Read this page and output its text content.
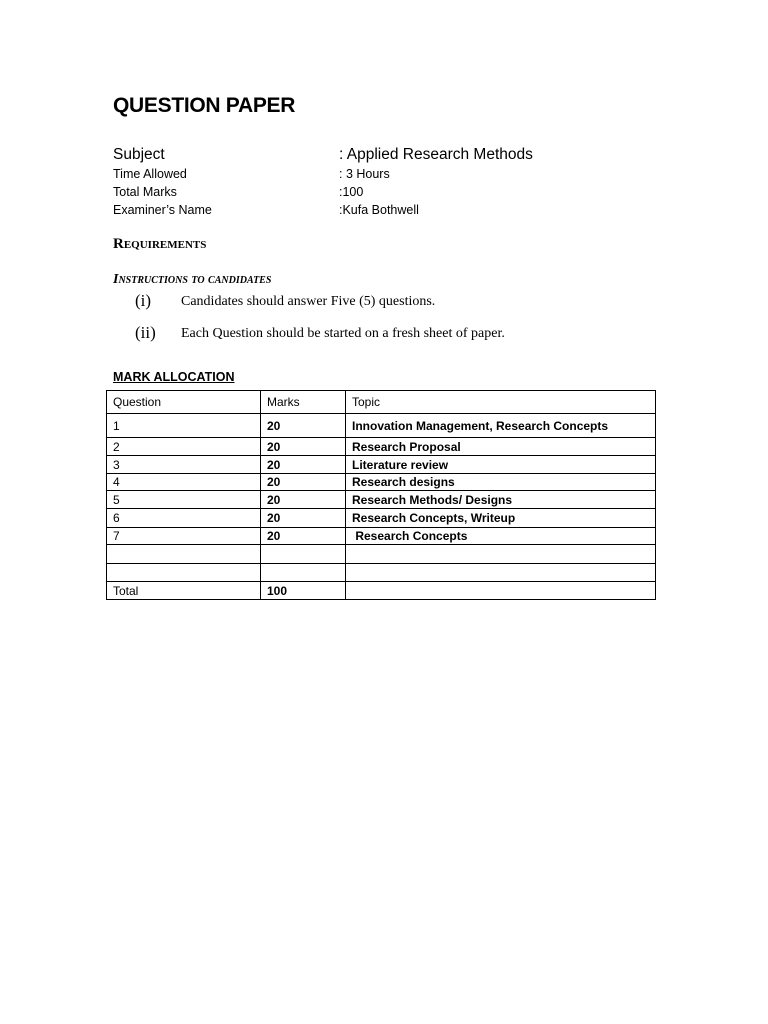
QUESTION PAPER
Subject	: Applied Research Methods
Time Allowed	: 3 Hours
Total Marks	:100
Examiner’s Name	:Kufa Bothwell
Requirements
Instructions to candidates
(i) Candidates should answer Five (5) questions.
(ii) Each Question should be started on a fresh sheet of paper.
MARK ALLOCATION
Question	Marks	Topic
1	20	Innovation Management, Research Concepts
2	20	Research Proposal
3	20	Literature review
4	20	Research designs
5	20	Research Methods/ Designs
6	20	Research Concepts, Writeup
7	20	Research Concepts

Total	100	
